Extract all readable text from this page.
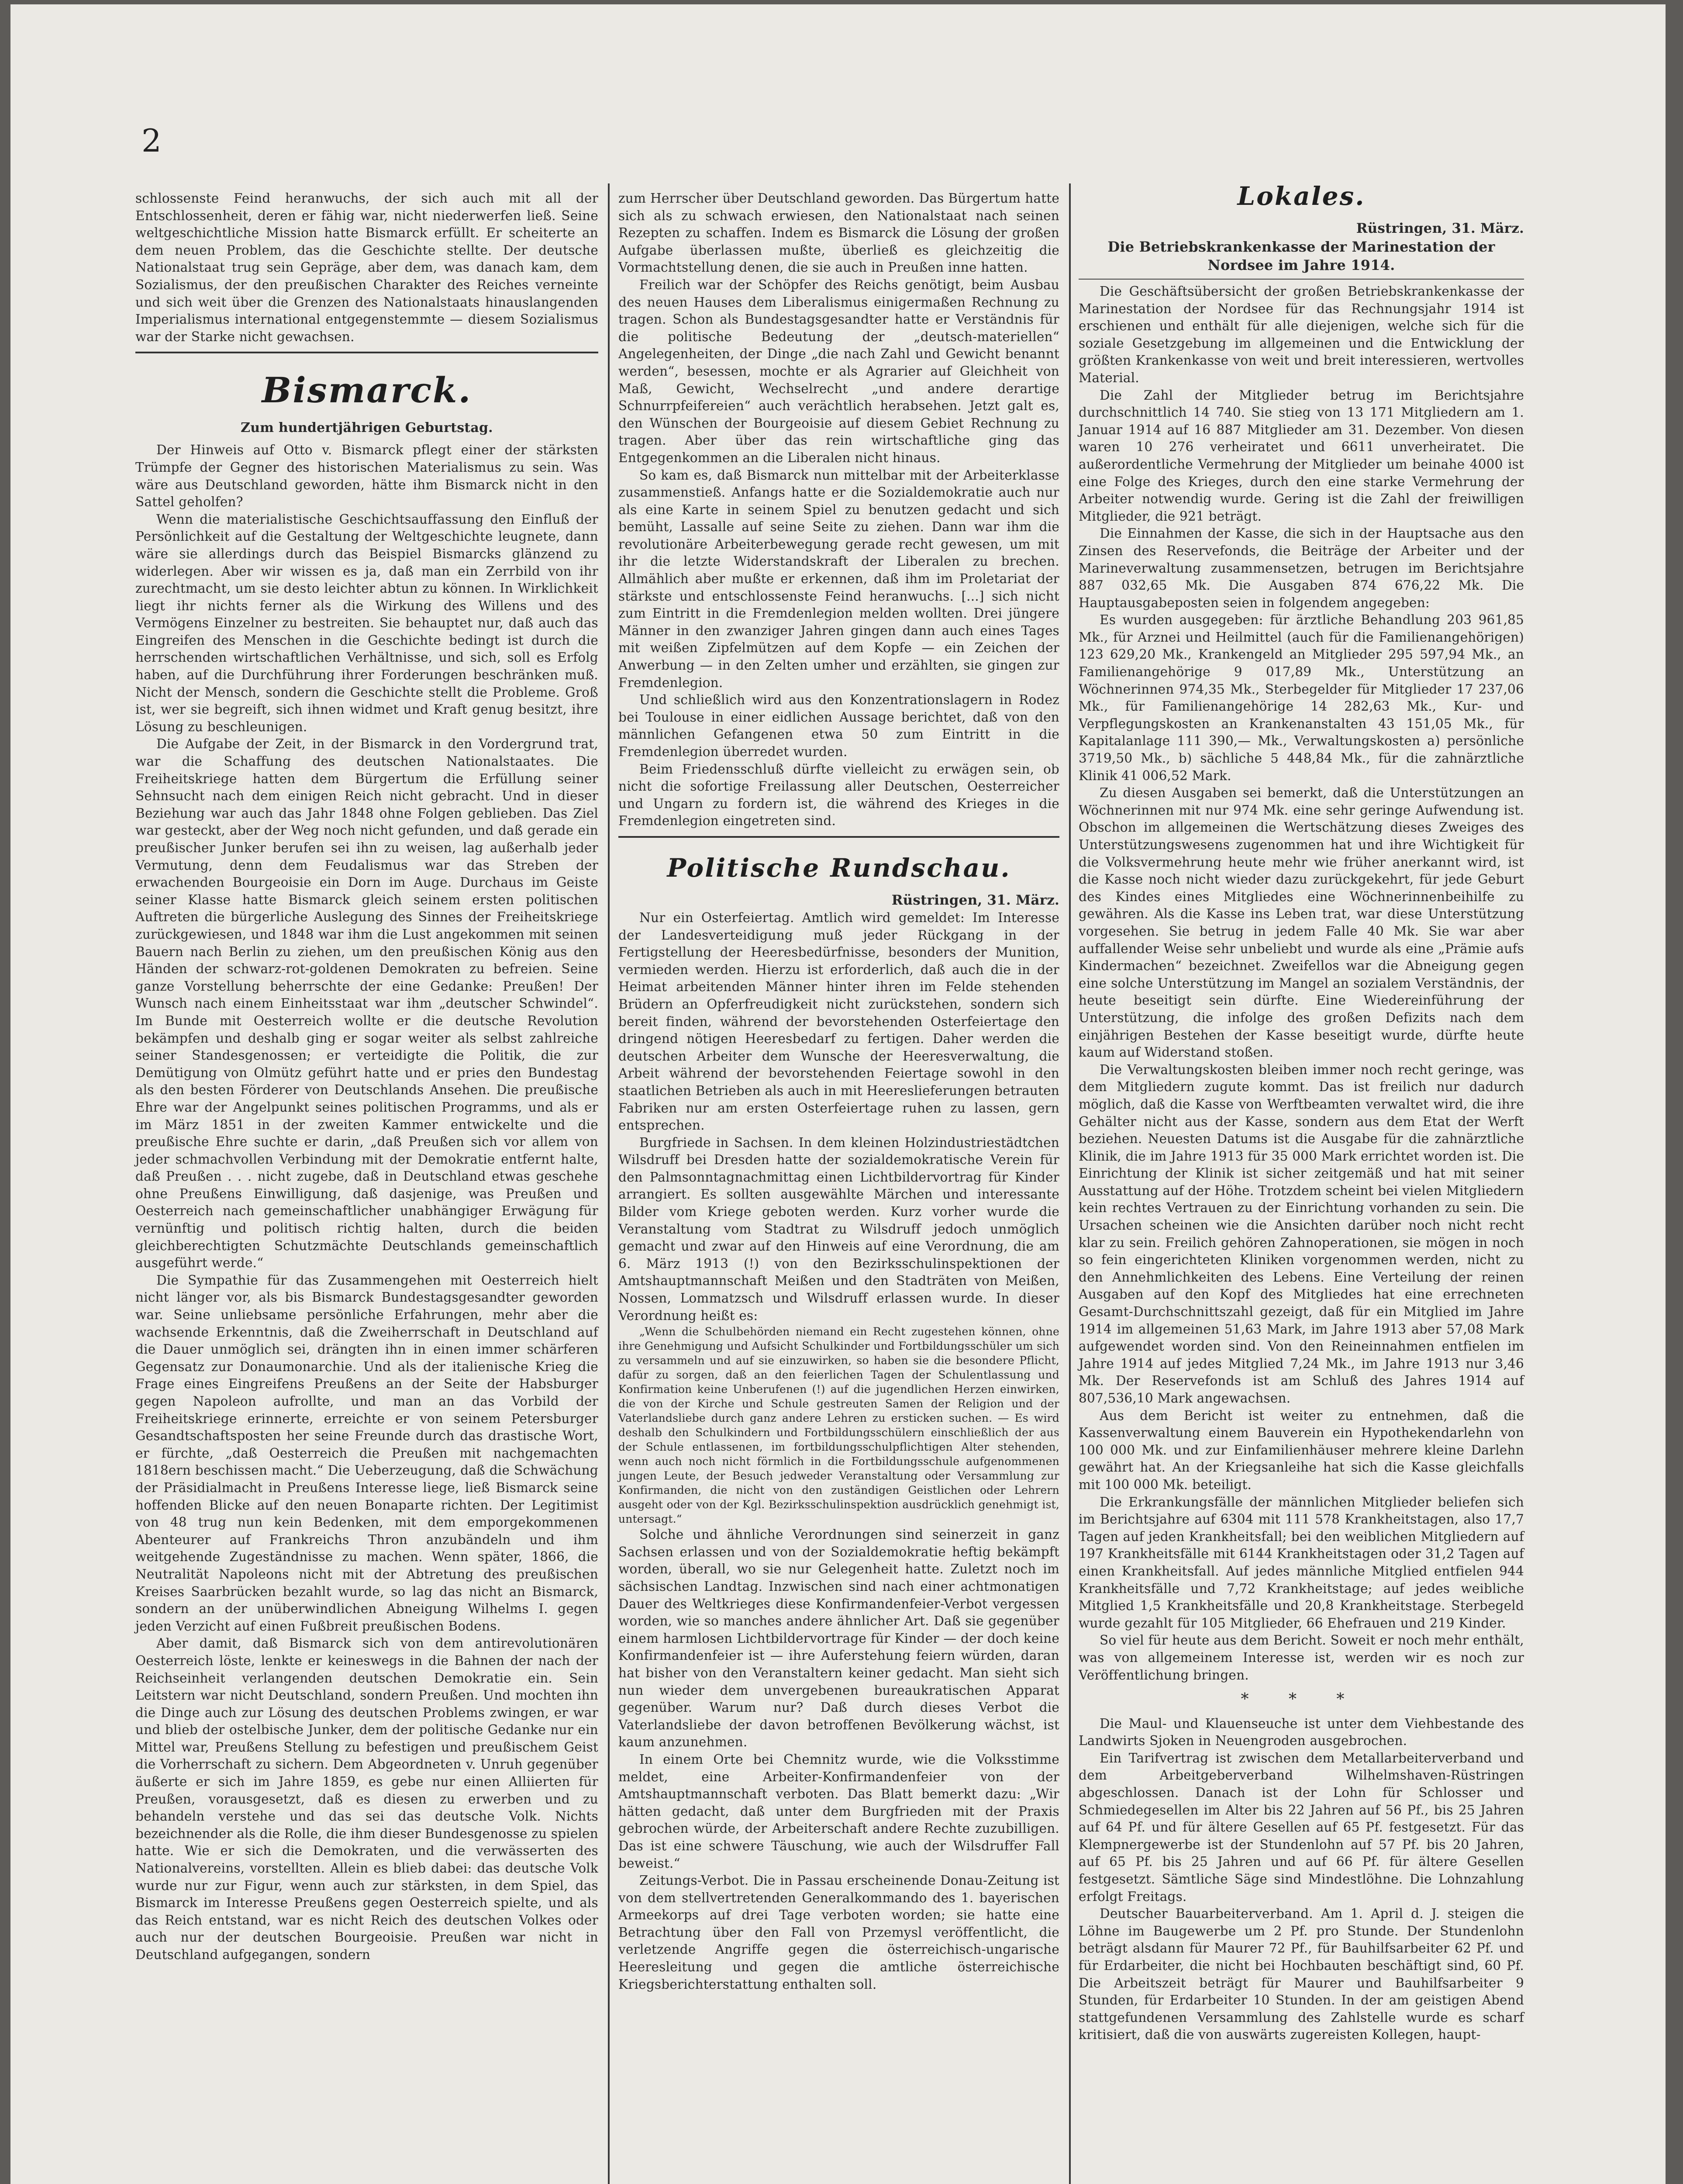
2

schlossenste Feind heranwuchs, der sich auch mit all der Entschlossenheit, deren er fähig war, nicht niederwerfen ließ. Seine weltgeschichtliche Mission hatte Bismarck erfüllt. Er scheiterte an dem neuen Problem, das die Geschichte stellte. Der deutsche Nationalstaat trug sein Gepräge, aber dem, was danach kam, dem Sozialismus, der den preußischen Charakter des Reiches verneinte und sich weit über die Grenzen des Nationalstaats hinauslangenden Imperialismus international entgegenstemmte — diesem Sozialismus war der Starke nicht gewachsen.

Bismarck.
Zum hundertjährigen Geburtstag.

Der Hinweis auf Otto v. Bismarck pflegt einer der stärksten Trümpfe der Gegner des historischen Materialismus zu sein. Was wäre aus Deutschland geworden, hätte ihm Bismarck nicht in den Sattel geholfen?

Wenn die materialistische Geschichtsauffassung den Einfluß der Persönlichkeit auf die Gestaltung der Weltgeschichte leugnete, dann wäre sie allerdings durch das Beispiel Bismarcks glänzend zu widerlegen. Aber wir wissen es ja, daß man ein Zerrbild von ihr zurechtmacht, um sie desto leichter abtun zu können. In Wirklichkeit liegt ihr nichts ferner als die Wirkung des Willens und des Vermögens Einzelner zu bestreiten. Sie behauptet nur, daß auch das Eingreifen des Menschen in die Geschichte bedingt ist durch die herrschenden wirtschaftlichen Verhältnisse, und sich, soll es Erfolg haben, auf die Durchführung ihrer Forderungen beschränken muß. Nicht der Mensch, sondern die Geschichte stellt die Probleme. Groß ist, wer sie begreift, sich ihnen widmet und Kraft genug besitzt, ihre Lösung zu beschleunigen.

Die Aufgabe der Zeit, in der Bismarck in den Vordergrund trat, war die Schaffung des deutschen Nationalstaates. Die Freiheitskriege hatten dem Bürgertum die Erfüllung seiner Sehnsucht nach dem einigen Reich nicht gebracht. Und in dieser Beziehung war auch das Jahr 1848 ohne Folgen geblieben. Das Ziel war gesteckt, aber der Weg noch nicht gefunden, und daß gerade ein preußischer Junker berufen sei ihn zu weisen, lag außerhalb jeder Vermutung, denn dem Feudalismus war das Streben der erwachenden Bourgeoisie ein Dorn im Auge. Durchaus im Geiste seiner Klasse hatte Bismarck gleich seinem ersten politischen Auftreten die bürgerliche Auslegung des Sinnes der Freiheitskriege zurückgewiesen, und 1848 war ihm die Lust angekommen mit seinen Bauern nach Berlin zu ziehen, um den preußischen König aus den Händen der schwarz-rot-goldenen Demokraten zu befreien. Seine ganze Vorstellung beherrschte der eine Gedanke: Preußen! Der Wunsch nach einem Einheitsstaat war ihm „deutscher Schwindel“. Im Bunde mit Oesterreich wollte er die deutsche Revolution bekämpfen und deshalb ging er sogar weiter als selbst zahlreiche seiner Standesgenossen; er verteidigte die Politik, die zur Demütigung von Olmütz geführt hatte und er pries den Bundestag als den besten Förderer von Deutschlands Ansehen. Die preußische Ehre war der Angelpunkt seines politischen Programms, und als er im März 1851 in der zweiten Kammer entwickelte und die preußische Ehre suchte er darin, „daß Preußen sich vor allem von jeder schmachvollen Verbindung mit der Demokratie entfernt halte, daß Preußen . . . nicht zugebe, daß in Deutschland etwas geschehe ohne Preußens Einwilligung, daß dasjenige, was Preußen und Oesterreich nach gemeinschaftlicher unabhängiger Erwägung für vernünftig und politisch richtig halten, durch die beiden gleichberechtigten Schutzmächte Deutschlands gemeinschaftlich ausgeführt werde.“

Die Sympathie für das Zusammengehen mit Oesterreich hielt nicht länger vor, als bis Bismarck Bundestagsgesandter geworden war. Seine unliebsame persönliche Erfahrungen, mehr aber die wachsende Erkenntnis, daß die Zweiherrschaft in Deutschland auf die Dauer unmöglich sei, drängten ihn in einen immer schärferen Gegensatz zur Donaumonarchie. Und als der italienische Krieg die Frage eines Eingreifens Preußens an der Seite der Habsburger gegen Napoleon aufrollte, und man an das Vorbild der Freiheitskriege erinnerte, erreichte er von seinem Petersburger Gesandtschaftsposten her seine Freunde durch das drastische Wort, er fürchte, „daß Oesterreich die Preußen mit nachgemachten 1818ern beschissen macht.“ Die Ueberzeugung, daß die Schwächung der Präsidialmacht in Preußens Interesse liege, ließ Bismarck seine hoffenden Blicke auf den neuen Bonaparte richten. Der Legitimist von 48 trug nun kein Bedenken, mit dem emporgekommenen Abenteurer auf Frankreichs Thron anzubändeln und ihm weitgehende Zugeständnisse zu machen. Wenn später, 1866, die Neutralität Napoleons nicht mit der Abtretung des preußischen Kreises Saarbrücken bezahlt wurde, so lag das nicht an Bismarck, sondern an der unüberwindlichen Abneigung Wilhelms I. gegen jeden Verzicht auf einen Fußbreit preußischen Bodens.

Aber damit, daß Bismarck sich von dem antirevolutionären Oesterreich löste, lenkte er keineswegs in die Bahnen der nach der Reichseinheit verlangenden deutschen Demokratie ein. Sein Leitstern war nicht Deutschland, sondern Preußen. Und mochten ihn die Dinge auch zur Lösung des deutschen Problems zwingen, er war und blieb der ostelbische Junker, dem der politische Gedanke nur ein Mittel war, Preußens Stellung zu befestigen und preußischem Geist die Vorherrschaft zu sichern. Dem Abgeordneten v. Unruh gegenüber äußerte er sich im Jahre 1859, es gebe nur einen Alliierten für Preußen, vorausgesetzt, daß es diesen zu erwerben und zu behandeln verstehe und das sei das deutsche Volk. Nichts bezeichnender als die Rolle, die ihm dieser Bundesgenosse zu spielen hatte. Wie er sich die Demokraten, und die verwässerten des Nationalvereins, vorstellten. Allein es blieb dabei: das deutsche Volk wurde nur zur Figur, wenn auch zur stärksten, in dem Spiel, das Bismarck im Interesse Preußens gegen Oesterreich spielte, und als das Reich entstand, war es nicht Reich des deutschen Volkes oder auch nur der deutschen Bourgeoisie. Preußen war nicht in Deutschland aufgegangen, sondern

zum Herrscher über Deutschland geworden. Das Bürgertum hatte sich als zu schwach erwiesen, den Nationalstaat nach seinen Rezepten zu schaffen. Indem es Bismarck die Lösung der großen Aufgabe überlassen mußte, überließ es gleichzeitig die Vormachtstellung denen, die sie auch in Preußen inne hatten.

Freilich war der Schöpfer des Reichs genötigt, beim Ausbau des neuen Hauses dem Liberalismus einigermaßen Rechnung zu tragen. Schon als Bundestagsgesandter hatte er Verständnis für die politische Bedeutung der „deutsch-materiellen“ Angelegenheiten, der Dinge „die nach Zahl und Gewicht benannt werden“, besessen, mochte er als Agrarier auf Gleichheit von Maß, Gewicht, Wechselrecht „und andere derartige Schnurrpfeifereien“ auch verächtlich herabsehen. Jetzt galt es, den Wünschen der Bourgeoisie auf diesem Gebiet Rechnung zu tragen. Aber über das rein wirtschaftliche ging das Entgegenkommen an die Liberalen nicht hinaus.

So kam es, daß Bismarck nun mittelbar mit der Arbeiterklasse zusammenstieß. Anfangs hatte er die Sozialdemokratie auch nur als eine Karte in seinem Spiel zu benutzen gedacht und sich bemüht, Lassalle auf seine Seite zu ziehen. Dann war ihm die revolutionäre Arbeiterbewegung gerade recht gewesen, um mit ihr die letzte Widerstandskraft der Liberalen zu brechen. Allmählich aber mußte er erkennen, daß ihm im Proletariat der stärkste und entschlossenste Feind heranwuchs. [...] sich nicht zum Eintritt in die Fremdenlegion melden wollten. Drei jüngere Männer in den zwanziger Jahren gingen dann auch eines Tages mit weißen Zipfelmützen auf dem Kopfe — ein Zeichen der Anwerbung — in den Zelten umher und erzählten, sie gingen zur Fremdenlegion.

Und schließlich wird aus den Konzentrationslagern in Rodez bei Toulouse in einer eidlichen Aussage berichtet, daß von den männlichen Gefangenen etwa 50 zum Eintritt in die Fremdenlegion überredet wurden.

Beim Friedensschluß dürfte vielleicht zu erwägen sein, ob nicht die sofortige Freilassung aller Deutschen, Oesterreicher und Ungarn zu fordern ist, die während des Krieges in die Fremdenlegion eingetreten sind.

Politische Rundschau.
Rüstringen, 31. März.

Nur ein Osterfeiertag. Amtlich wird gemeldet: Im Interesse der Landesverteidigung muß jeder Rückgang in der Fertigstellung der Heeresbedürfnisse, besonders der Munition, vermieden werden. Hierzu ist erforderlich, daß auch die in der Heimat arbeitenden Männer hinter ihren im Felde stehenden Brüdern an Opferfreudigkeit nicht zurückstehen, sondern sich bereit finden, während der bevorstehenden Osterfeiertage den dringend nötigen Heeresbedarf zu fertigen. Daher werden die deutschen Arbeiter dem Wunsche der Heeresverwaltung, die Arbeit während der bevorstehenden Feiertage sowohl in den staatlichen Betrieben als auch in mit Heereslieferungen betrauten Fabriken nur am ersten Osterfeiertage ruhen zu lassen, gern entsprechen.

Burgfriede in Sachsen. In dem kleinen Holzindustriestädtchen Wilsdruff bei Dresden hatte der sozialdemokratische Verein für den Palmsonntagnachmittag einen Lichtbildervortrag für Kinder arrangiert. Es sollten ausgewählte Märchen und interessante Bilder vom Kriege geboten werden. Kurz vorher wurde die Veranstaltung vom Stadtrat zu Wilsdruff jedoch unmöglich gemacht und zwar auf den Hinweis auf eine Verordnung, die am 6. März 1913 (!) von den Bezirksschulinspektionen der Amtshauptmannschaft Meißen und den Stadträten von Meißen, Nossen, Lommatzsch und Wilsdruff erlassen wurde. In dieser Verordnung heißt es:

„Wenn die Schulbehörden niemand ein Recht zugestehen können, ohne ihre Genehmigung und Aufsicht Schulkinder und Fortbildungsschüler um sich zu versammeln und auf sie einzuwirken, so haben sie die besondere Pflicht, dafür zu sorgen, daß an den feierlichen Tagen der Schulentlassung und Konfirmation keine Unberufenen (!) auf die jugendlichen Herzen einwirken, die von der Kirche und Schule gestreuten Samen der Religion und der Vaterlandsliebe durch ganz andere Lehren zu ersticken suchen. — Es wird deshalb den Schulkindern und Fortbildungsschülern einschließlich der aus der Schule entlassenen, im fortbildungsschulpflichtigen Alter stehenden, wenn auch noch nicht förmlich in die Fortbildungsschule aufgenommenen jungen Leute, der Besuch jedweder Veranstaltung oder Versammlung zur Konfirmanden, die nicht von den zuständigen Geistlichen oder Lehrern ausgeht oder von der Kgl. Bezirksschulinspektion ausdrücklich genehmigt ist, untersagt.“

Solche und ähnliche Verordnungen sind seinerzeit in ganz Sachsen erlassen und von der Sozialdemokratie heftig bekämpft worden, überall, wo sie nur Gelegenheit hatte. Zuletzt noch im sächsischen Landtag. Inzwischen sind nach einer achtmonatigen Dauer des Weltkrieges diese Konfirmandenfeier-Verbot vergessen worden, wie so manches andere ähnlicher Art. Daß sie gegenüber einem harmlosen Lichtbildervortrage für Kinder — der doch keine Konfirmandenfeier ist — ihre Auferstehung feiern würden, daran hat bisher von den Veranstaltern keiner gedacht. Man sieht sich nun wieder dem unvergebenen bureaukratischen Apparat gegenüber. Warum nur? Daß durch dieses Verbot die Vaterlandsliebe der davon betroffenen Bevölkerung wächst, ist kaum anzunehmen.

In einem Orte bei Chemnitz wurde, wie die Volksstimme meldet, eine Arbeiter-Konfirmandenfeier von der Amtshauptmannschaft verboten. Das Blatt bemerkt dazu: „Wir hätten gedacht, daß unter dem Burgfrieden mit der Praxis gebrochen würde, der Arbeiterschaft andere Rechte zuzubilligen. Das ist eine schwere Täuschung, wie auch der Wilsdruffer Fall beweist.“

Zeitungs-Verbot. Die in Passau erscheinende Donau-Zeitung ist von dem stellvertretenden Generalkommando des 1. bayerischen Armeekorps auf drei Tage verboten worden; sie hatte eine Betrachtung über den Fall von Przemysl veröffentlicht, die verletzende Angriffe gegen die österreichisch-ungarische Heeresleitung und gegen die amtliche österreichische Kriegsberichterstattung enthalten soll.

Lokales.
Rüstringen, 31. März.
Die Betriebskrankenkasse der Marinestation der Nordsee im Jahre 1914.

Die Geschäftsübersicht der großen Betriebskrankenkasse der Marinestation der Nordsee für das Rechnungsjahr 1914 ist erschienen und enthält für alle diejenigen, welche sich für die soziale Gesetzgebung im allgemeinen und die Entwicklung der größten Krankenkasse von weit und breit interessieren, wertvolles Material.

Die Zahl der Mitglieder betrug im Berichtsjahre durchschnittlich 14 740. Sie stieg von 13 171 Mitgliedern am 1. Januar 1914 auf 16 887 Mitglieder am 31. Dezember. Von diesen waren 10 276 verheiratet und 6611 unverheiratet. Die außerordentliche Vermehrung der Mitglieder um beinahe 4000 ist eine Folge des Krieges, durch den eine starke Vermehrung der Arbeiter notwendig wurde. Gering ist die Zahl der freiwilligen Mitglieder, die 921 beträgt.

Die Einnahmen der Kasse, die sich in der Hauptsache aus den Zinsen des Reservefonds, die Beiträge der Arbeiter und der Marineverwaltung zusammensetzen, betrugen im Berichtsjahre 887 032,65 Mk. Die Ausgaben 874 676,22 Mk. Die Hauptausgabeposten seien in folgendem angegeben:

Es wurden ausgegeben: für ärztliche Behandlung 203 961,85 Mk., für Arznei und Heilmittel (auch für die Familienangehörigen) 123 629,20 Mk., Krankengeld an Mitglieder 295 597,94 Mk., an Familienangehörige 9 017,89 Mk., Unterstützung an Wöchnerinnen 974,35 Mk., Sterbegelder für Mitglieder 17 237,06 Mk., für Familienangehörige 14 282,63 Mk., Kur- und Verpflegungskosten an Krankenanstalten 43 151,05 Mk., für Kapitalanlage 111 390,— Mk., Verwaltungskosten a) persönliche 3719,50 Mk., b) sächliche 5 448,84 Mk., für die zahnärztliche Klinik 41 006,52 Mark.

Zu diesen Ausgaben sei bemerkt, daß die Unterstützungen an Wöchnerinnen mit nur 974 Mk. eine sehr geringe Aufwendung ist. Obschon im allgemeinen die Wertschätzung dieses Zweiges des Unterstützungswesens zugenommen hat und ihre Wichtigkeit für die Volksvermehrung heute mehr wie früher anerkannt wird, ist die Kasse noch nicht wieder dazu zurückgekehrt, für jede Geburt des Kindes eines Mitgliedes eine Wöchnerinnenbeihilfe zu gewähren. Als die Kasse ins Leben trat, war diese Unterstützung vorgesehen. Sie betrug in jedem Falle 40 Mk. Sie war aber auffallender Weise sehr unbeliebt und wurde als eine „Prämie aufs Kindermachen“ bezeichnet. Zweifellos war die Abneigung gegen eine solche Unterstützung im Mangel an sozialem Verständnis, der heute beseitigt sein dürfte. Eine Wiedereinführung der Unterstützung, die infolge des großen Defizits nach dem einjährigen Bestehen der Kasse beseitigt wurde, dürfte heute kaum auf Widerstand stoßen.

Die Verwaltungskosten bleiben immer noch recht geringe, was dem Mitgliedern zugute kommt. Das ist freilich nur dadurch möglich, daß die Kasse von Werftbeamten verwaltet wird, die ihre Gehälter nicht aus der Kasse, sondern aus dem Etat der Werft beziehen. Neuesten Datums ist die Ausgabe für die zahnärztliche Klinik, die im Jahre 1913 für 35 000 Mark errichtet worden ist. Die Einrichtung der Klinik ist sicher zeitgemäß und hat mit seiner Ausstattung auf der Höhe. Trotzdem scheint bei vielen Mitgliedern kein rechtes Vertrauen zu der Einrichtung vorhanden zu sein. Die Ursachen scheinen wie die Ansichten darüber noch nicht recht klar zu sein. Freilich gehören Zahnoperationen, sie mögen in noch so fein eingerichteten Kliniken vorgenommen werden, nicht zu den Annehmlichkeiten des Lebens. Eine Verteilung der reinen Ausgaben auf den Kopf des Mitgliedes hat eine errechneten Gesamt-Durchschnittszahl gezeigt, daß für ein Mitglied im Jahre 1914 im allgemeinen 51,63 Mark, im Jahre 1913 aber 57,08 Mark aufgewendet worden sind. Von den Reineinnahmen entfielen im Jahre 1914 auf jedes Mitglied 7,24 Mk., im Jahre 1913 nur 3,46 Mk. Der Reservefonds ist am Schluß des Jahres 1914 auf 807,536,10 Mark angewachsen.

Aus dem Bericht ist weiter zu entnehmen, daß die Kassenverwaltung einem Bauverein ein Hypothekendarlehn von 100 000 Mk. und zur Einfamilienhäuser mehrere kleine Darlehn gewährt hat. An der Kriegsanleihe hat sich die Kasse gleichfalls mit 100 000 Mk. beteiligt.

Die Erkrankungsfälle der männlichen Mitglieder beliefen sich im Berichtsjahre auf 6304 mit 111 578 Krankheitstagen, also 17,7 Tagen auf jeden Krankheitsfall; bei den weiblichen Mitgliedern auf 197 Krankheitsfälle mit 6144 Krankheitstagen oder 31,2 Tagen auf einen Krankheitsfall. Auf jedes männliche Mitglied entfielen 944 Krankheitsfälle und 7,72 Krankheitstage; auf jedes weibliche Mitglied 1,5 Krankheitsfälle und 20,8 Krankheitstage. Sterbegeld wurde gezahlt für 105 Mitglieder, 66 Ehefrauen und 219 Kinder.

So viel für heute aus dem Bericht. Soweit er noch mehr enthält, was von allgemeinem Interesse ist, werden wir es noch zur Veröffentlichung bringen.

* * *

Die Maul- und Klauenseuche ist unter dem Viehbestande des Landwirts Sjoken in Neuengroden ausgebrochen.

Ein Tarifvertrag ist zwischen dem Metallarbeiterverband und dem Arbeitgeberverband Wilhelmshaven-Rüstringen abgeschlossen. Danach ist der Lohn für Schlosser und Schmiedegesellen im Alter bis 22 Jahren auf 56 Pf., bis 25 Jahren auf 64 Pf. und für ältere Gesellen auf 65 Pf. festgesetzt. Für das Klempnergewerbe ist der Stundenlohn auf 57 Pf. bis 20 Jahren, auf 65 Pf. bis 25 Jahren und auf 66 Pf. für ältere Gesellen festgesetzt. Sämtliche Säge sind Mindestlöhne. Die Lohnzahlung erfolgt Freitags.

Deutscher Bauarbeiterverband. Am 1. April d. J. steigen die Löhne im Baugewerbe um 2 Pf. pro Stunde. Der Stundenlohn beträgt alsdann für Maurer 72 Pf., für Bauhilfsarbeiter 62 Pf. und für Erdarbeiter, die nicht bei Hochbauten beschäftigt sind, 60 Pf. Die Arbeitszeit beträgt für Maurer und Bauhilfsarbeiter 9 Stunden, für Erdarbeiter 10 Stunden. In der am geistigen Abend stattgefundenen Versammlung des Zahlstelle wurde es scharf kritisiert, daß die von auswärts zugereisten Kollegen, haupt-
